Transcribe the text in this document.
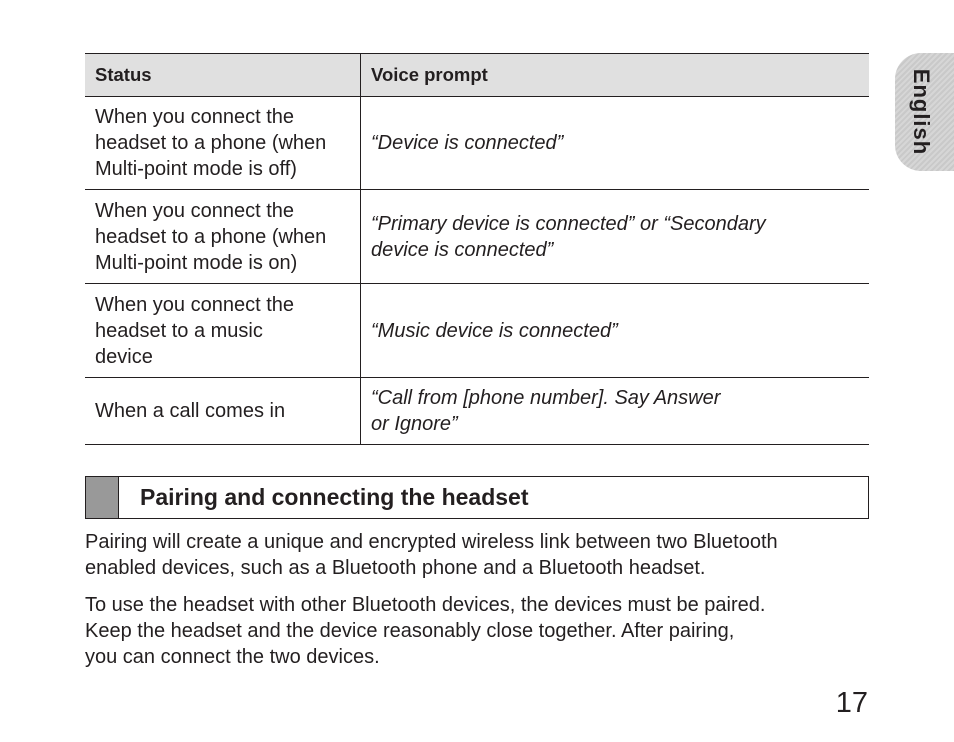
English
Status	Voice prompt
When you connect the
headset to a phone (when
Multi-point mode is off)	“Device is connected”
When you connect the
headset to a phone (when
Multi-point mode is on)	“Primary device is connected” or “Secondary
device is connected”
When you connect the
headset to a music
device	“Music device is connected”
When a call comes in	“Call from [phone number]. Say Answer
or Ignore”
Pairing and connecting the headset

Pairing will create a unique and encrypted wireless link between two Bluetooth
enabled devices, such as a Bluetooth phone and a Bluetooth headset.

To use the headset with other Bluetooth devices, the devices must be paired.
Keep the headset and the device reasonably close together. After pairing,
you can connect the two devices.

17
